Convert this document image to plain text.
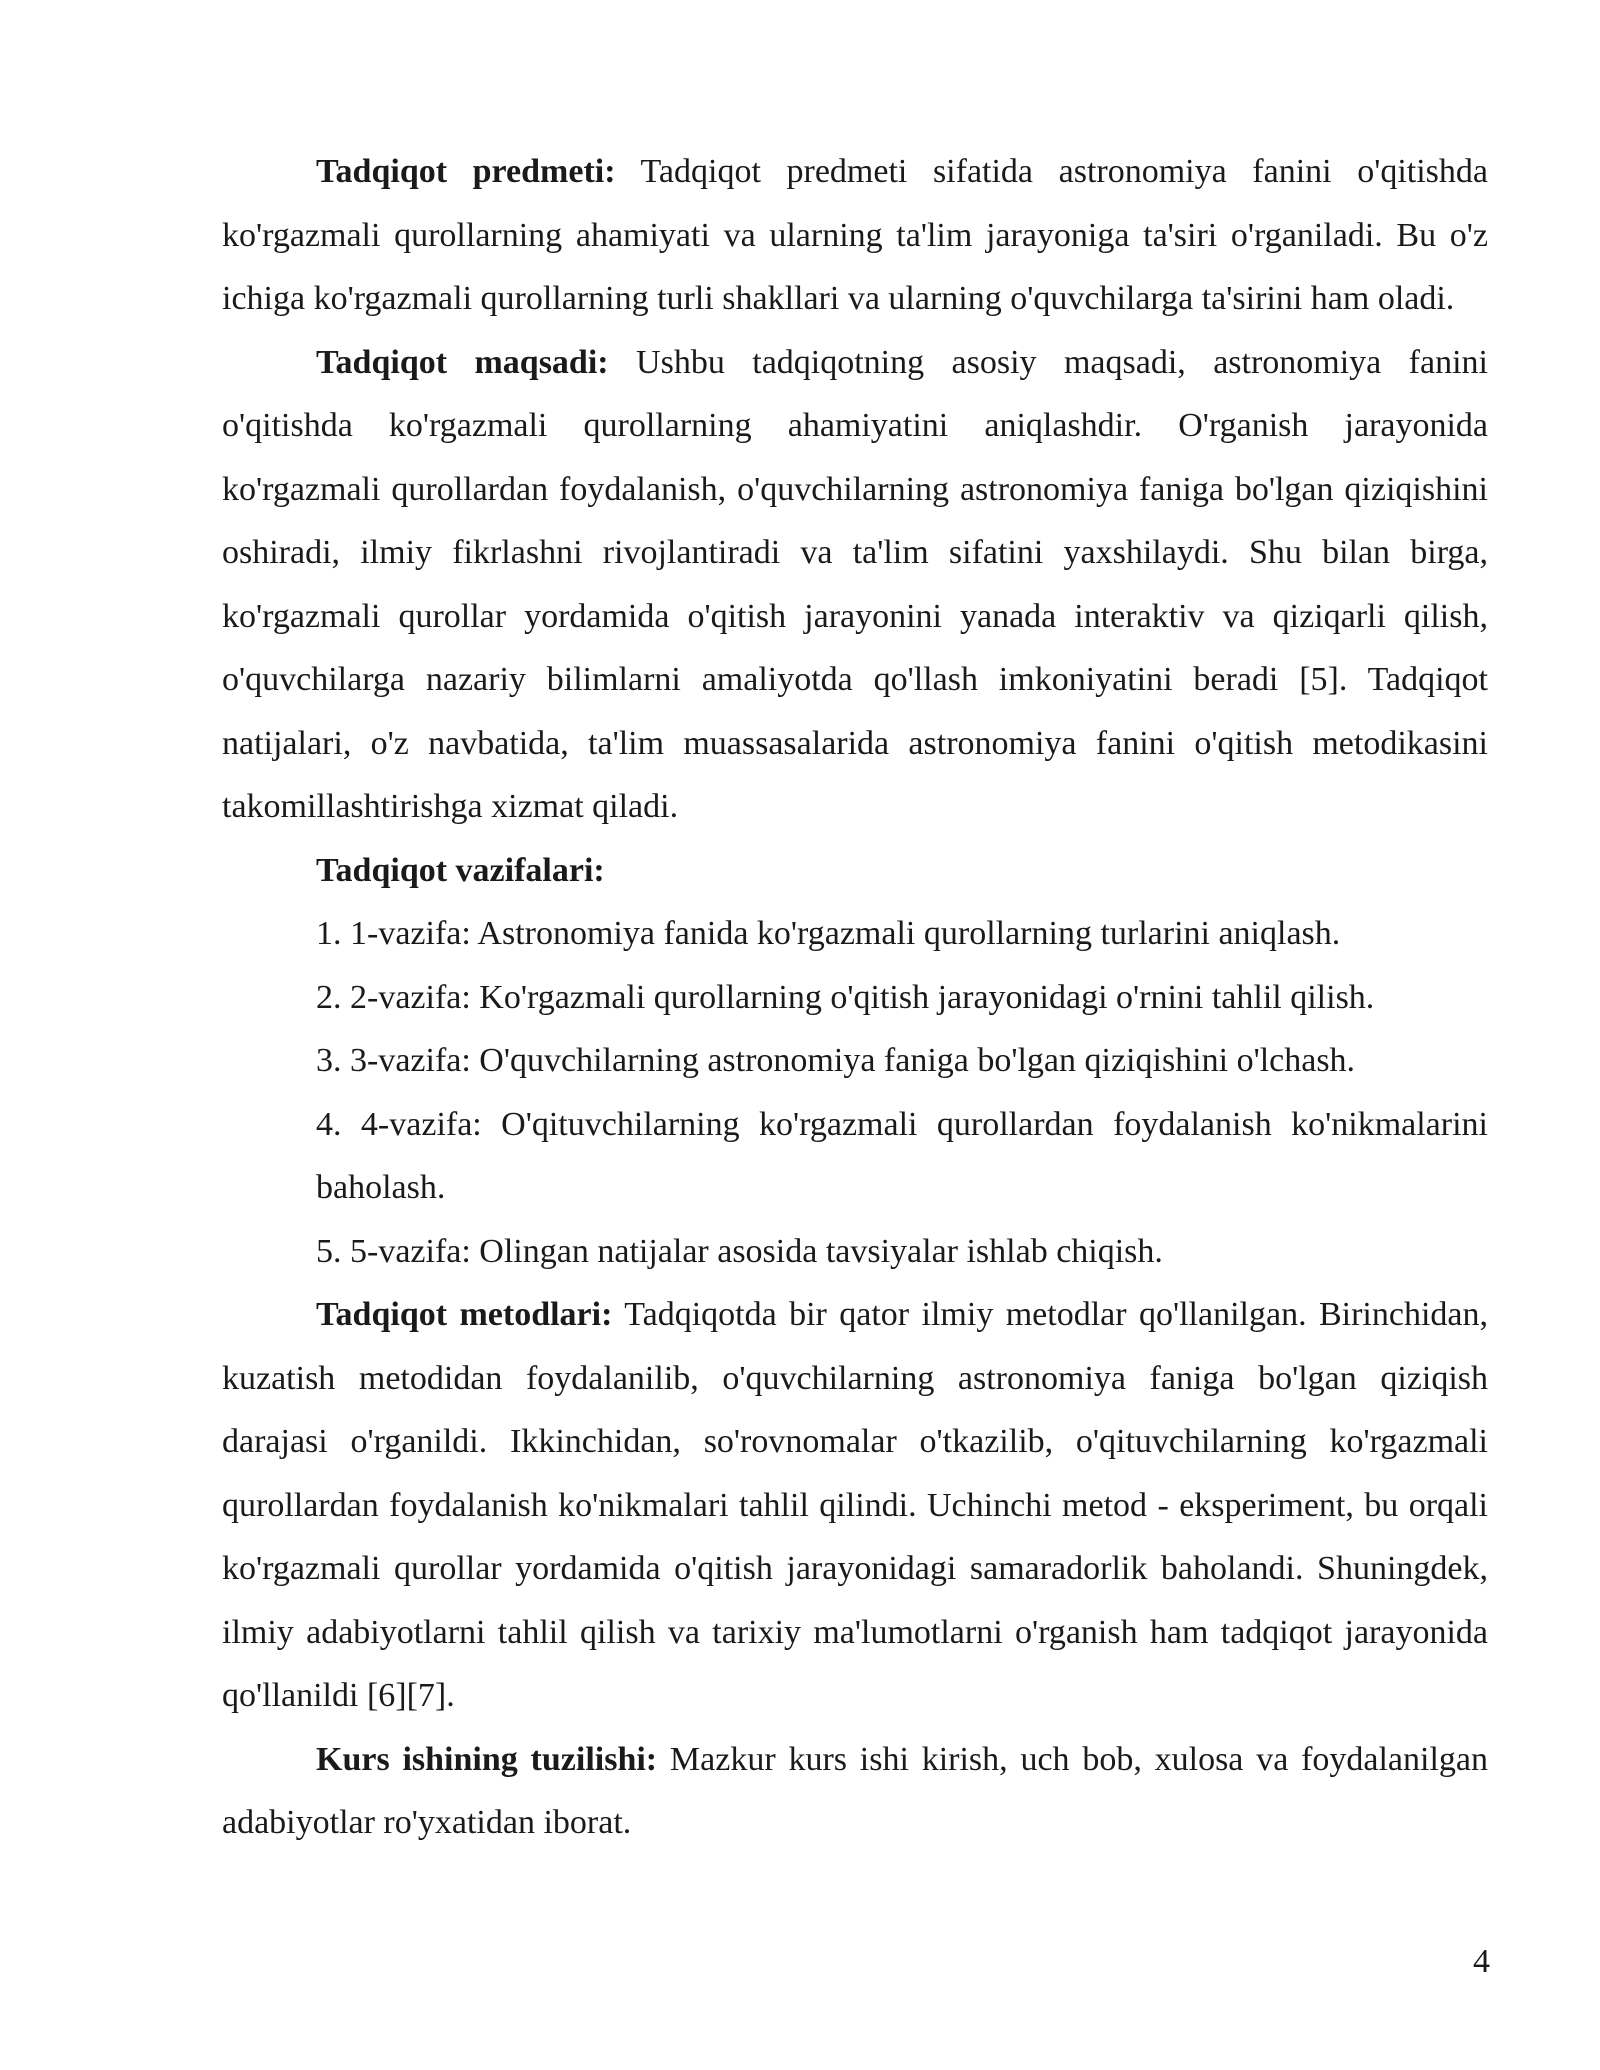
Tadqiqot predmeti: Tadqiqot predmeti sifatida astronomiya fanini o'qitishda ko'rgazmali qurollarning ahamiyati va ularning ta'lim jarayoniga ta'siri o'rganiladi. Bu o'z ichiga ko'rgazmali qurollarning turli shakllari va ularning o'quvchilarga ta'sirini ham oladi.

Tadqiqot maqsadi: Ushbu tadqiqotning asosiy maqsadi, astronomiya fanini o'qitishda ko'rgazmali qurollarning ahamiyatini aniqlashdir. O'rganish jarayonida ko'rgazmali qurollardan foydalanish, o'quvchilarning astronomiya faniga bo'lgan qiziqishini oshiradi, ilmiy fikrlashni rivojlantiradi va ta'lim sifatini yaxshilaydi. Shu bilan birga, ko'rgazmali qurollar yordamida o'qitish jarayonini yanada interaktiv va qiziqarli qilish, o'quvchilarga nazariy bilimlarni amaliyotda qo'llash imkoniyatini beradi [5]. Tadqiqot natijalari, o'z navbatida, ta'lim muassasalarida astronomiya fanini o'qitish metodikasini takomillashtirishga xizmat qiladi.

Tadqiqot vazifalari:

1. 1-vazifa: Astronomiya fanida ko'rgazmali qurollarning turlarini aniqlash.
2. 2-vazifa: Ko'rgazmali qurollarning o'qitish jarayonidagi o'rnini tahlil qilish.
3. 3-vazifa: O'quvchilarning astronomiya faniga bo'lgan qiziqishini o'lchash.
4. 4-vazifa: O'qituvchilarning ko'rgazmali qurollardan foydalanish ko'nikmalarini baholash.
5. 5-vazifa: Olingan natijalar asosida tavsiyalar ishlab chiqish.

Tadqiqot metodlari: Tadqiqotda bir qator ilmiy metodlar qo'llanilgan. Birinchidan, kuzatish metodidan foydalanilib, o'quvchilarning astronomiya faniga bo'lgan qiziqish darajasi o'rganildi. Ikkinchidan, so'rovnomalar o'tkazilib, o'qituvchilarning ko'rgazmali qurollardan foydalanish ko'nikmalari tahlil qilindi. Uchinchi metod - eksperiment, bu orqali ko'rgazmali qurollar yordamida o'qitish jarayonidagi samaradorlik baholandi. Shuningdek, ilmiy adabiyotlarni tahlil qilish va tarixiy ma'lumotlarni o'rganish ham tadqiqot jarayonida qo'llanildi [6][7].

Kurs ishining tuzilishi: Mazkur kurs ishi kirish, uch bob, xulosa va foydalanilgan adabiyotlar ro'yxatidan iborat.

4
